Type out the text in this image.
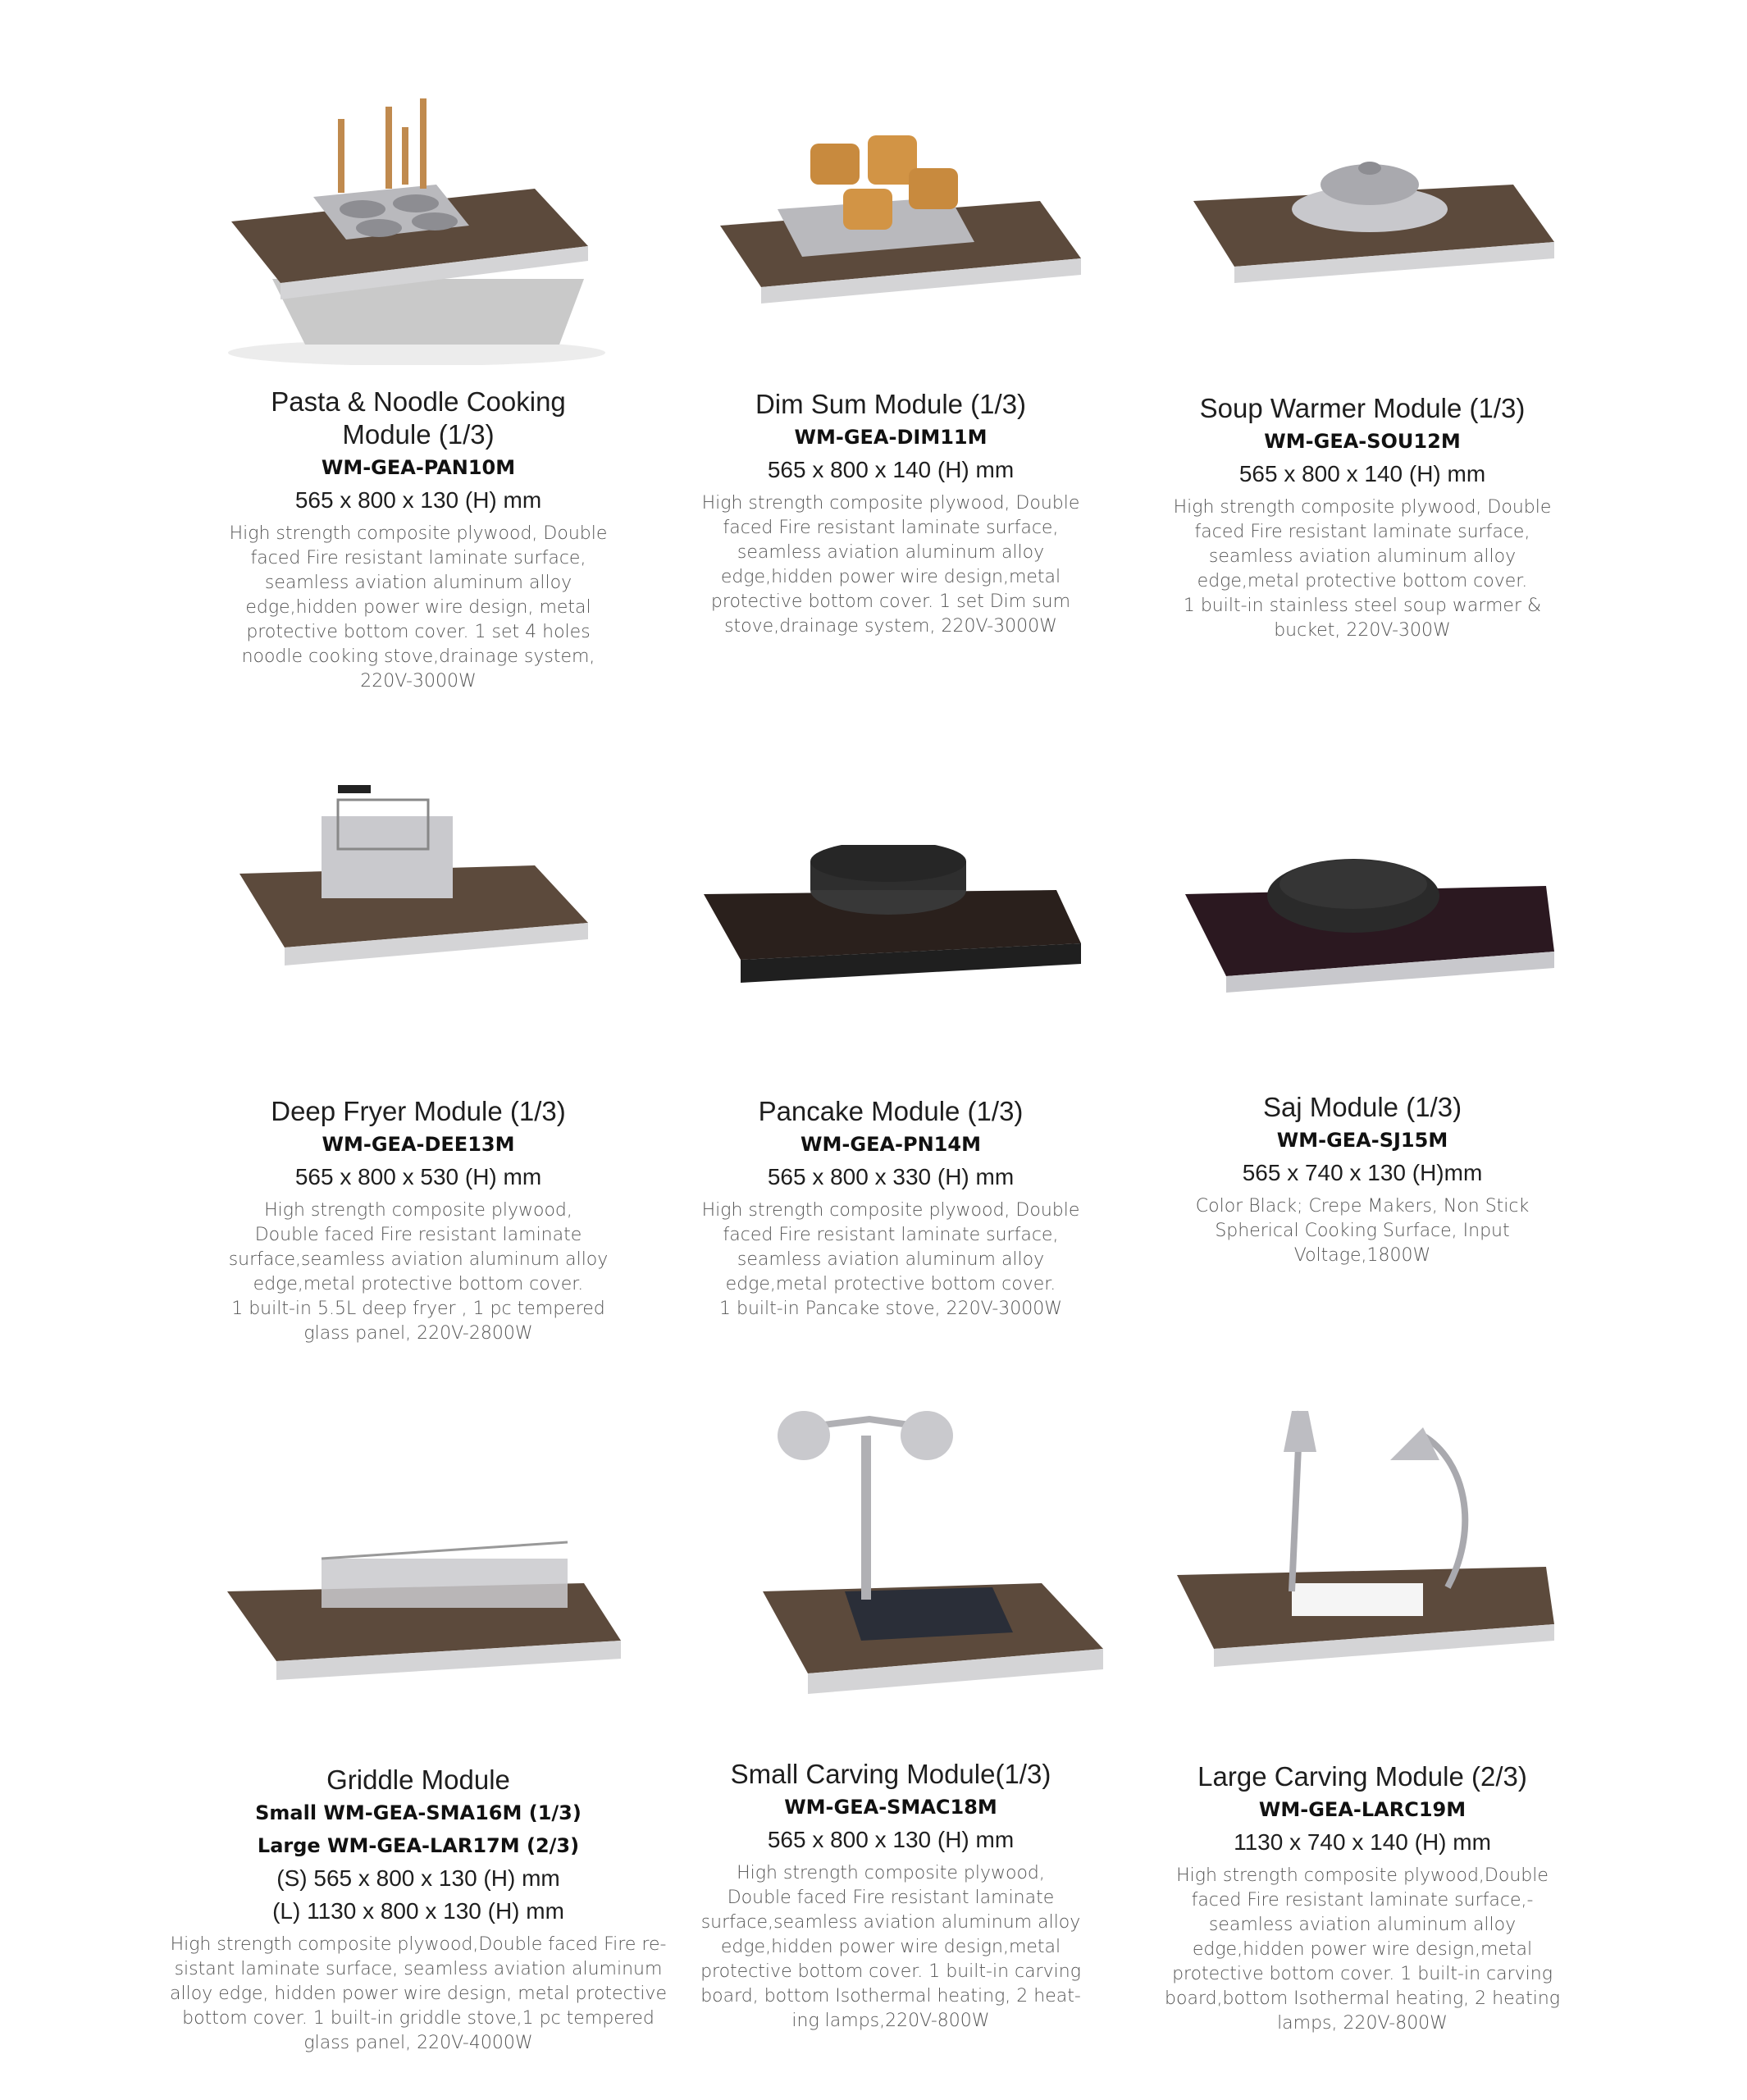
Pasta & Noodle Cooking
Module (1/3)
WM-GEA-PAN10M
565 x 800 x 130 (H) mm
High strength composite plywood, Double
faced Fire resistant laminate surface,
seamless aviation aluminum alloy
edge,hidden power wire design, metal
protective bottom cover. 1 set 4 holes
noodle cooking stove,drainage system,
220V-3000W
Dim Sum Module (1/3)
WM-GEA-DIM11M
565 x 800 x 140 (H) mm
High strength composite plywood, Double
faced Fire resistant laminate surface,
seamless aviation aluminum alloy
edge,hidden power wire design,metal
protective bottom cover. 1 set Dim sum
stove,drainage system, 220V-3000W
Soup Warmer Module (1/3)
WM-GEA-SOU12M
565 x 800 x 140 (H) mm
High strength composite plywood, Double
faced Fire resistant laminate surface,
seamless aviation aluminum alloy
edge,metal protective bottom cover.
1 built-in stainless steel soup warmer &
bucket, 220V-300W
Deep Fryer Module (1/3)
WM-GEA-DEE13M
565 x 800 x 530 (H) mm
High strength composite plywood,
Double faced Fire resistant laminate
surface,seamless aviation aluminum alloy
edge,metal protective bottom cover.
1 built-in 5.5L deep fryer , 1 pc tempered
glass panel, 220V-2800W
Pancake Module (1/3)
WM-GEA-PN14M
565 x 800 x 330 (H) mm
High strength composite plywood, Double
faced Fire resistant laminate surface,
seamless aviation aluminum alloy
edge,metal protective bottom cover.
1 built-in Pancake stove, 220V-3000W
Saj Module (1/3)
WM-GEA-SJ15M
565 x 740 x 130 (H)mm
Color Black; Crepe Makers, Non Stick
Spherical Cooking Surface, Input
Voltage,1800W
Griddle Module
Small WM-GEA-SMA16M (1/3)
Large WM-GEA-LAR17M (2/3)
(S) 565 x 800 x 130 (H) mm
(L) 1130 x 800 x 130 (H) mm
High strength composite plywood,Double faced Fire re-
sistant laminate surface, seamless aviation aluminum
alloy edge, hidden power wire design, metal protective
bottom cover. 1 built-in griddle stove,1 pc tempered
glass panel, 220V-4000W
Small Carving Module(1/3)
WM-GEA-SMAC18M
565 x 800 x 130 (H) mm
High strength composite plywood,
Double faced Fire resistant laminate
surface,seamless aviation aluminum alloy
edge,hidden power wire design,metal
protective bottom cover. 1 built-in carving
board, bottom Isothermal heating, 2 heat-
ing lamps,220V-800W
Large Carving Module (2/3)
WM-GEA-LARC19M
1130 x 740 x 140 (H) mm
High strength composite plywood,Double
faced Fire resistant laminate surface,-
seamless aviation aluminum alloy
edge,hidden power wire design,metal
protective bottom cover. 1 built-in carving
board,bottom Isothermal heating, 2 heating
lamps, 220V-800W
